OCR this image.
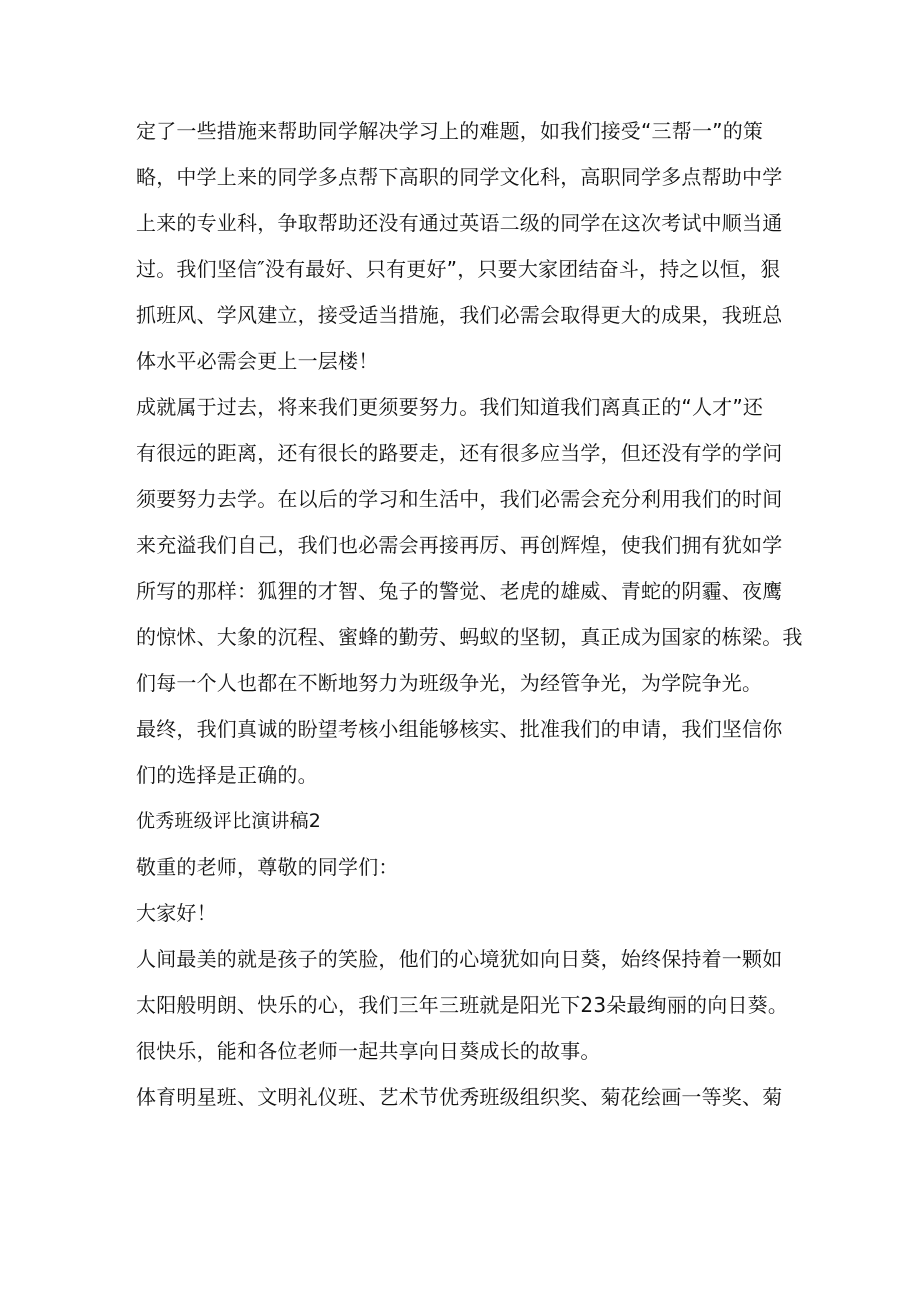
定了一些措施来帮助同学解决学习上的难题，如我们接受“三帮一”的策
略，中学上来的同学多点帮下高职的同学文化科，高职同学多点帮助中学
上来的专业科，争取帮助还没有通过英语二级的同学在这次考试中顺当通
过。我们坚信″没有最好、只有更好”，只要大家团结奋斗，持之以恒，狠
抓班风、学风建立，接受适当措施，我们必需会取得更大的成果，我班总
体水平必需会更上一层楼！
成就属于过去，将来我们更须要努力。我们知道我们离真正的“人才”还
有很远的距离，还有很长的路要走，还有很多应当学，但还没有学的学问
须要努力去学。在以后的学习和生活中，我们必需会充分利用我们的时间
来充溢我们自己，我们也必需会再接再厉、再创辉煌，使我们拥有犹如学
所写的那样：狐狸的才智、兔子的警觉、老虎的雄威、青蛇的阴霾、夜鹰
的惊怵、大象的沉程、蜜蜂的勤劳、蚂蚁的坚韧，真正成为国家的栋梁。我
们每一个人也都在不断地努力为班级争光，为经管争光，为学院争光。
最终，我们真诚的盼望考核小组能够核实、批准我们的申请，我们坚信你
们的选择是正确的。
优秀班级评比演讲稿2
敬重的老师，尊敬的同学们：
大家好！
人间最美的就是孩子的笑脸，他们的心境犹如向日葵，始终保持着一颗如
太阳般明朗、快乐的心，我们三年三班就是阳光下23朵最绚丽的向日葵。
很快乐，能和各位老师一起共享向日葵成长的故事。
体育明星班、文明礼仪班、艺术节优秀班级组织奖、菊花绘画一等奖、菊
